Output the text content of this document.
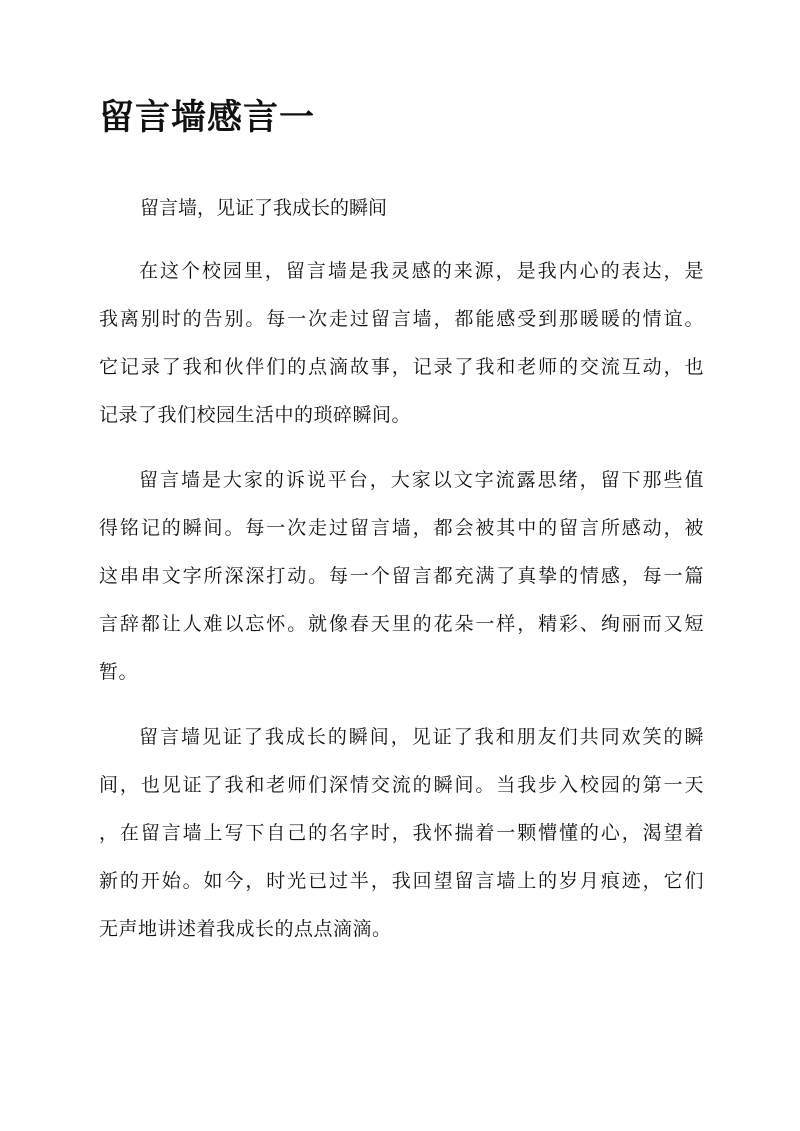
留言墙感言一

留言墙，见证了我成长的瞬间

在这个校园里，留言墙是我灵感的来源，是我内心的表达，是
我离别时的告别。每一次走过留言墙，都能感受到那暖暖的情谊。
它记录了我和伙伴们的点滴故事，记录了我和老师的交流互动，也
记录了我们校园生活中的琐碎瞬间。
留言墙是大家的诉说平台，大家以文字流露思绪，留下那些值
得铭记的瞬间。每一次走过留言墙，都会被其中的留言所感动，被
这串串文字所深深打动。每一个留言都充满了真挚的情感，每一篇
言辞都让人难以忘怀。就像春天里的花朵一样，精彩、绚丽而又短
暂。
留言墙见证了我成长的瞬间，见证了我和朋友们共同欢笑的瞬
间，也见证了我和老师们深情交流的瞬间。当我步入校园的第一天
，在留言墙上写下自己的名字时，我怀揣着一颗懵懂的心，渴望着
新的开始。如今，时光已过半，我回望留言墙上的岁月痕迹，它们
无声地讲述着我成长的点点滴滴。
